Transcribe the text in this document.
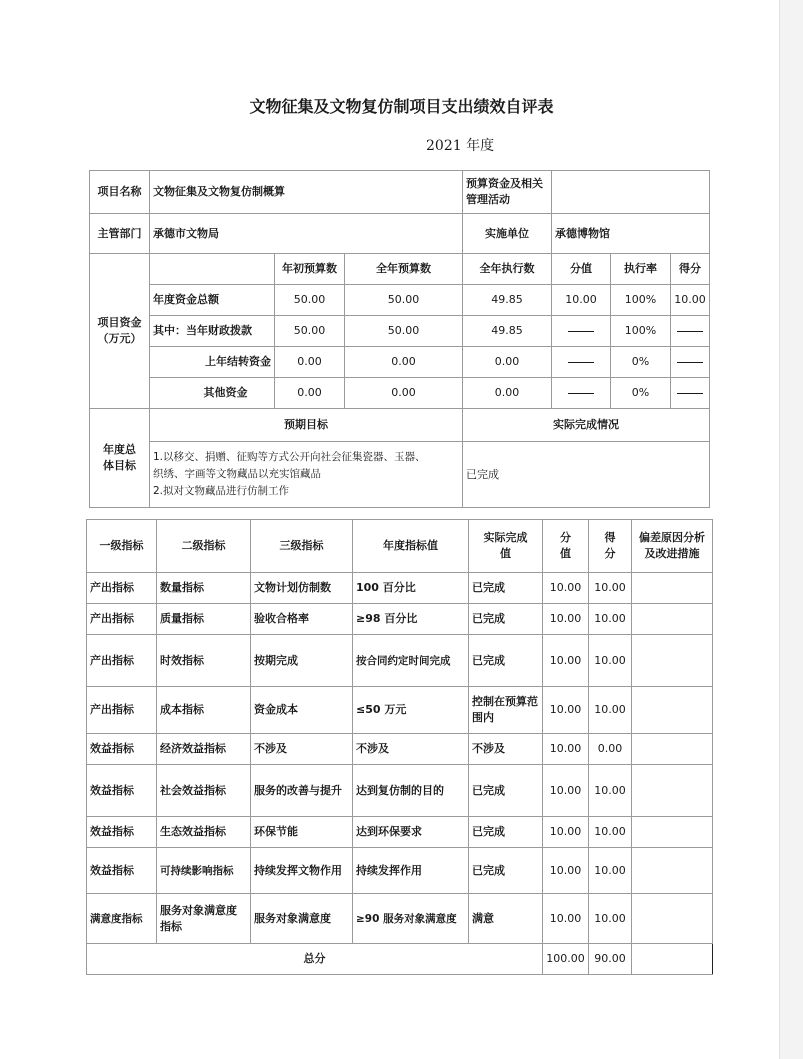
文物征集及文物复仿制项目支出绩效自评表
2021 年度
项目名称	文物征集及文物复仿制概算			预算资金及相关管理活动			
主管部门	承德市文物局			实施单位	承德博物馆		
项目资金（万元）		年初预算数	全年预算数	全年执行数	分值	执行率	得分
	年度资金总额	50.00	50.00	49.85	10.00	100%	10.00
	其中：当年财政拨款	50.00	50.00	49.85		100%	
	上年结转资金	0.00	0.00	0.00		0%	
	其他资金	0.00	0.00	0.00		0%	
年度总体目标	预期目标			实际完成情况			

	1.以移交、捐赠、征购等方式公开向社会征集瓷器、玉器、
织绣、字画等文物藏品以充实馆藏品
2.拟对文物藏品进行仿制工作			已完成			
一级指标	二级指标	三级指标	年度指标值	实际完成值	分值	得分	偏差原因分析及改进措施
产出指标	数量指标	文物计划仿制数	100 百分比	已完成	10.00	10.00	
产出指标	质量指标	验收合格率	≥98 百分比	已完成	10.00	10.00	
产出指标	时效指标	按期完成	按合同约定时间完成	已完成	10.00	10.00	
产出指标	成本指标	资金成本	≤50 万元	控制在预算范围内	10.00	10.00	
效益指标	经济效益指标	不涉及	不涉及	不涉及	10.00	0.00	
效益指标	社会效益指标	服务的改善与提升	达到复仿制的目的	已完成	10.00	10.00	
效益指标	生态效益指标	环保节能	达到环保要求	已完成	10.00	10.00	
效益指标	可持续影响指标	持续发挥文物作用	持续发挥作用	已完成	10.00	10.00	
满意度指标	服务对象满意度指标	服务对象满意度	≥90 服务对象满意度	满意	10.00	10.00	
总分					100.00	90.00	
